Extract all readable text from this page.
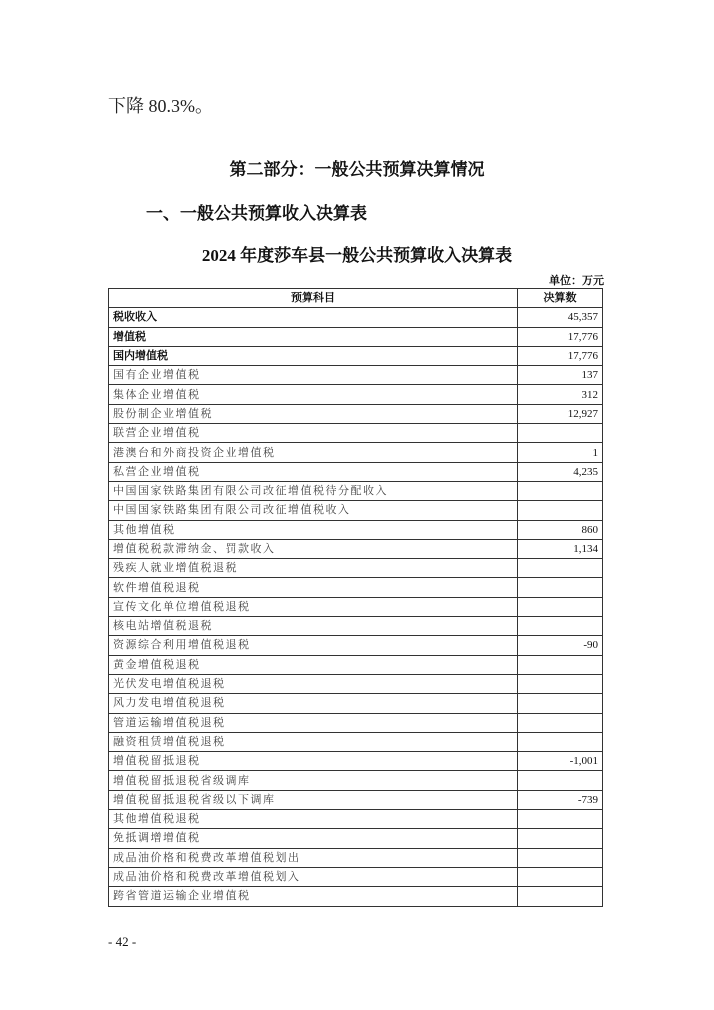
下降 80.3%。
第二部分：一般公共预算决算情况
一、一般公共预算收入决算表
2024 年度莎车县一般公共预算收入决算表
单位：万元
预算科目	决算数
税收收入	45,357
增值税	17,776
国内增值税	17,776
国有企业增值税	137
集体企业增值税	312
股份制企业增值税	12,927
联营企业增值税	
港澳台和外商投资企业增值税	1
私营企业增值税	4,235
中国国家铁路集团有限公司改征增值税待分配收入	
中国国家铁路集团有限公司改征增值税收入	
其他增值税	860
增值税税款滞纳金、罚款收入	1,134
残疾人就业增值税退税	
软件增值税退税	
宣传文化单位增值税退税	
核电站增值税退税	
资源综合利用增值税退税	-90
黄金增值税退税	
光伏发电增值税退税	
风力发电增值税退税	
管道运输增值税退税	
融资租赁增值税退税	
增值税留抵退税	-1,001
增值税留抵退税省级调库	
增值税留抵退税省级以下调库	-739
其他增值税退税	
免抵调增增值税	
成品油价格和税费改革增值税划出	
成品油价格和税费改革增值税划入	
跨省管道运输企业增值税	
- 42 -
